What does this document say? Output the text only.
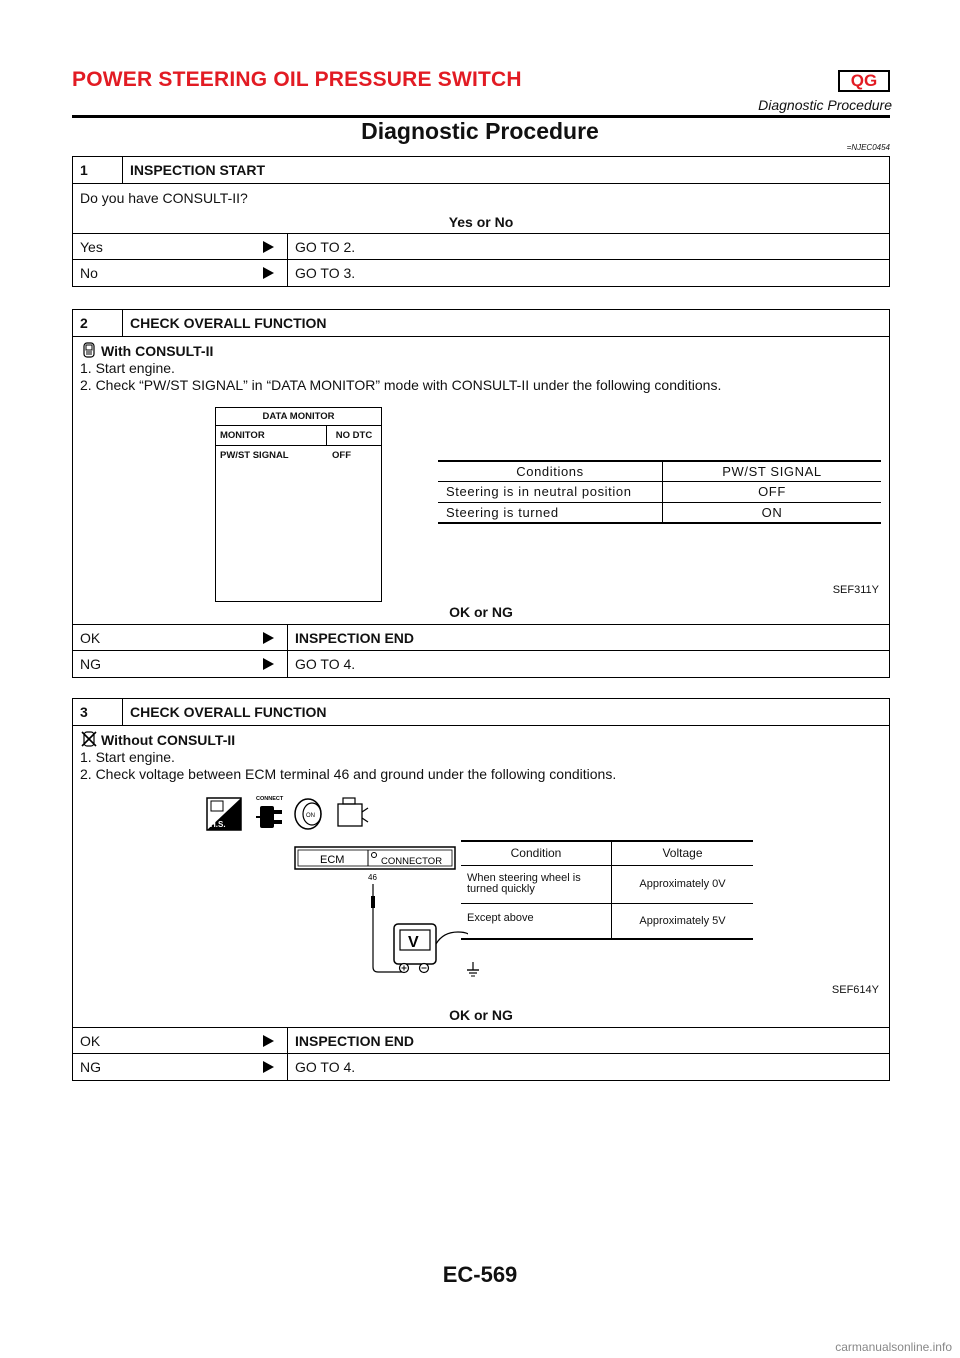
POWER STEERING OIL PRESSURE SWITCH	QG
Diagnostic Procedure
Diagnostic Procedure
=NJEC0454
1	INSPECTION START
Do you have CONSULT-II?
Yes or No
Yes	GO TO 2.
No	GO TO 3.
2	CHECK OVERALL FUNCTION
With CONSULT-II
1. Start engine.
2. Check “PW/ST SIGNAL” in “DATA MONITOR” mode with CONSULT-II under the following conditions.
DATA MONITOR
MONITOR	NO DTC
PW/ST SIGNAL	OFF
Conditions	PW/ST SIGNAL
Steering is in neutral position	OFF
Steering is turned	ON
SEF311Y
OK or NG
OK	INSPECTION END
NG	GO TO 4.
3	CHECK OVERALL FUNCTION
Without CONSULT-II
1. Start engine.
2. Check voltage between ECM terminal 46 and ground under the following conditions.
H.S.
CONNECT
ON
ECM	CONNECTOR
46
V
Condition	Voltage
When steering wheel is turned quickly	Approximately 0V
Except above	Approximately 5V
SEF614Y
OK or NG
OK	INSPECTION END
NG	GO TO 4.
EC-569
carmanualsonline.info
